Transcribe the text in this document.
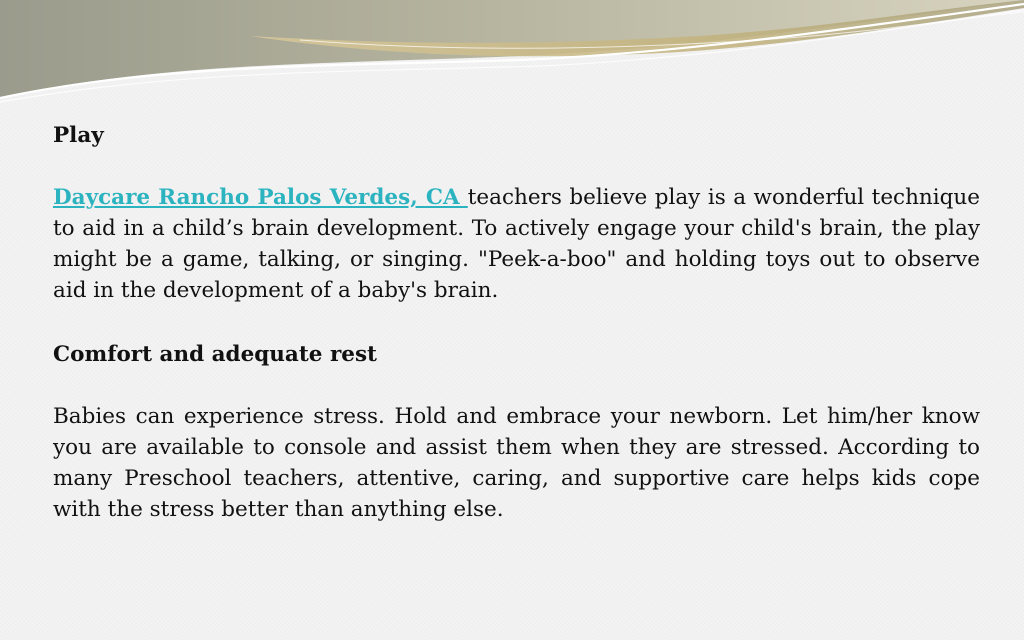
Play

Daycare Rancho Palos Verdes, CA teachers believe play is a wonderful technique to aid in a child’s brain development. To actively engage your child's brain, the play might be a game, talking, or singing. "Peek-a-boo" and holding toys out to observe aid in the development of a baby's brain.

Comfort and adequate rest

Babies can experience stress. Hold and embrace your newborn. Let him/her know you are available to console and assist them when they are stressed. According to many Preschool teachers, attentive, caring, and supportive care helps kids cope with the stress better than anything else.
